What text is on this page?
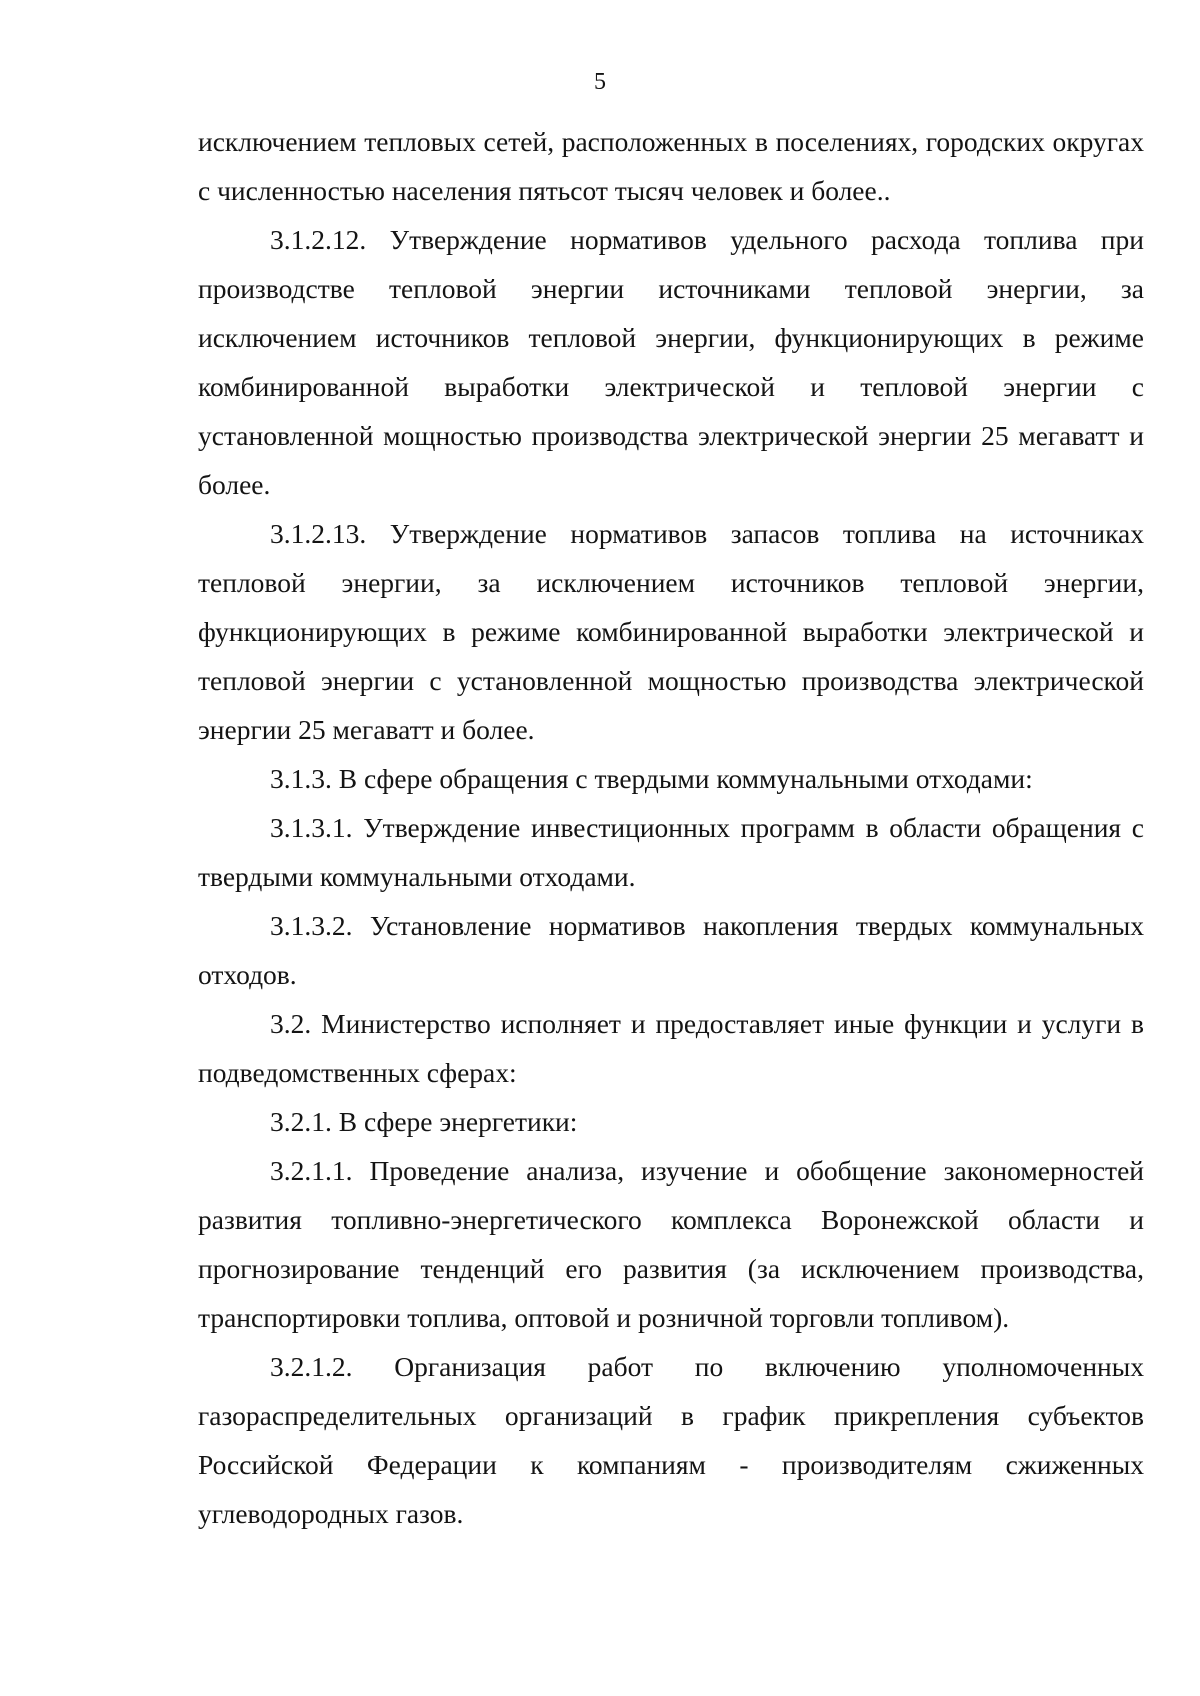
5

исключением тепловых сетей, расположенных в поселениях, городских округах с численностью населения пятьсот тысяч человек и более..

3.1.2.12. Утверждение нормативов удельного расхода топлива при производстве тепловой энергии источниками тепловой энергии, за исключением источников тепловой энергии, функционирующих в режиме комбинированной выработки электрической и тепловой энергии с установленной мощностью производства электрической энергии 25 мегаватт и более.

3.1.2.13. Утверждение нормативов запасов топлива на источниках тепловой энергии, за исключением источников тепловой энергии, функционирующих в режиме комбинированной выработки электрической и тепловой энергии с установленной мощностью производства электрической энергии 25 мегаватт и более.

3.1.3. В сфере обращения с твердыми коммунальными отходами:

3.1.3.1. Утверждение инвестиционных программ в области обращения с твердыми коммунальными отходами.

3.1.3.2. Установление нормативов накопления твердых коммунальных отходов.

3.2. Министерство исполняет и предоставляет иные функции и услуги в подведомственных сферах:

3.2.1. В сфере энергетики:

3.2.1.1. Проведение анализа, изучение и обобщение закономерностей развития топливно-энергетического комплекса Воронежской области и прогнозирование тенденций его развития (за исключением производства, транспортировки топлива, оптовой и розничной торговли топливом).

3.2.1.2. Организация работ по включению уполномоченных газораспределительных организаций в график прикрепления субъектов Российской Федерации к компаниям - производителям сжиженных углеводородных газов.
